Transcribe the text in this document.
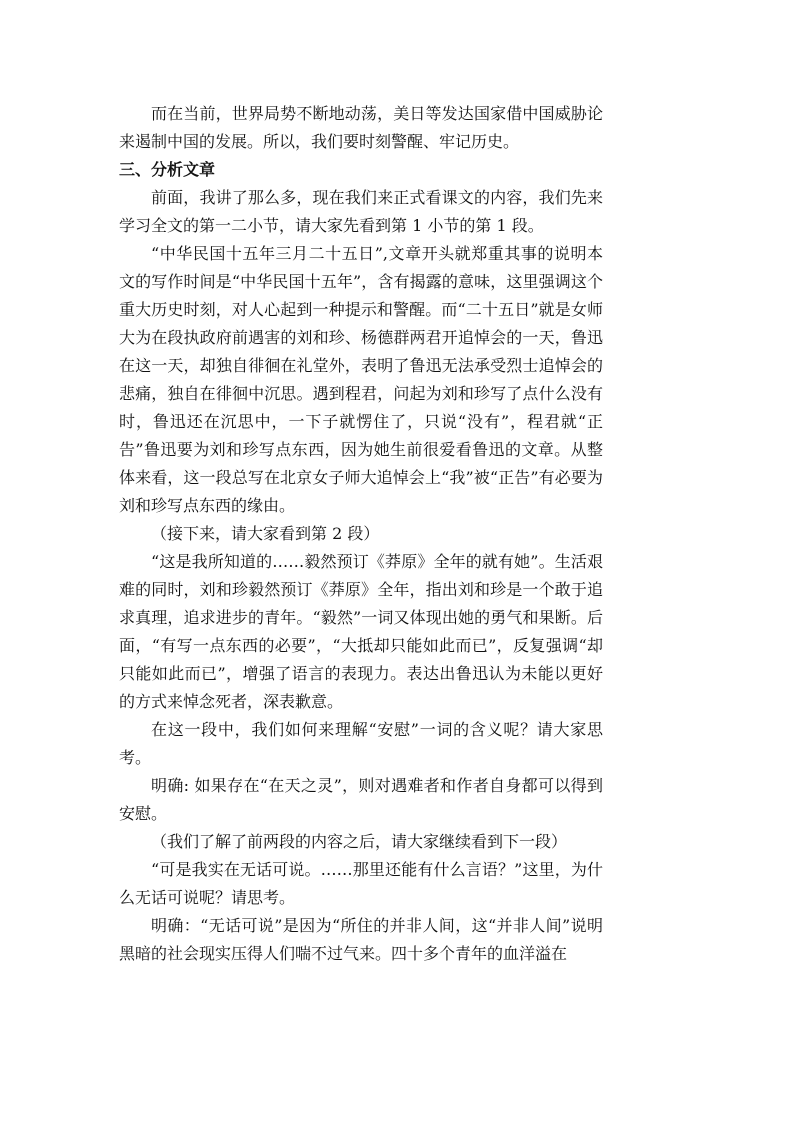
而在当前，世界局势不断地动荡，美日等发达国家借中国威胁论来遏制中国的发展。所以，我们要时刻警醒、牢记历史。

三、分析文章

前面，我讲了那么多，现在我们来正式看课文的内容，我们先来学习全文的第一二小节，请大家先看到第 1 小节的第 1 段。

“中华民国十五年三月二十五日”,文章开头就郑重其事的说明本文的写作时间是“中华民国十五年”，含有揭露的意味，这里强调这个重大历史时刻，对人心起到一种提示和警醒。而“二十五日”就是女师大为在段执政府前遇害的刘和珍、杨德群两君开追悼会的一天，鲁迅在这一天，却独自徘徊在礼堂外，表明了鲁迅无法承受烈士追悼会的悲痛，独自在徘徊中沉思。遇到程君，问起为刘和珍写了点什么没有时，鲁迅还在沉思中，一下子就愣住了，只说“没有”，程君就“正告”鲁迅要为刘和珍写点东西，因为她生前很爱看鲁迅的文章。从整体来看，这一段总写在北京女子师大追悼会上“我”被“正告”有必要为刘和珍写点东西的缘由。

（接下来，请大家看到第 2 段）

“这是我所知道的……毅然预订《莽原》全年的就有她”。生活艰难的同时，刘和珍毅然预订《莽原》全年，指出刘和珍是一个敢于追求真理，追求进步的青年。“毅然”一词又体现出她的勇气和果断。后面，“有写一点东西的必要”，“大抵却只能如此而已”，反复强调“却只能如此而已”，增强了语言的表现力。表达出鲁迅认为未能以更好的方式来悼念死者，深表歉意。

在这一段中，我们如何来理解“安慰”一词的含义呢？请大家思考。

明确: 如果存在“在天之灵”，则对遇难者和作者自身都可以得到安慰。

（我们了解了前两段的内容之后，请大家继续看到下一段）

“可是我实在无话可说。……那里还能有什么言语？”这里，为什么无话可说呢？请思考。

明确：“无话可说”是因为“所住的并非人间，这“并非人间”说明黑暗的社会现实压得人们喘不过气来。四十多个青年的血洋溢在
